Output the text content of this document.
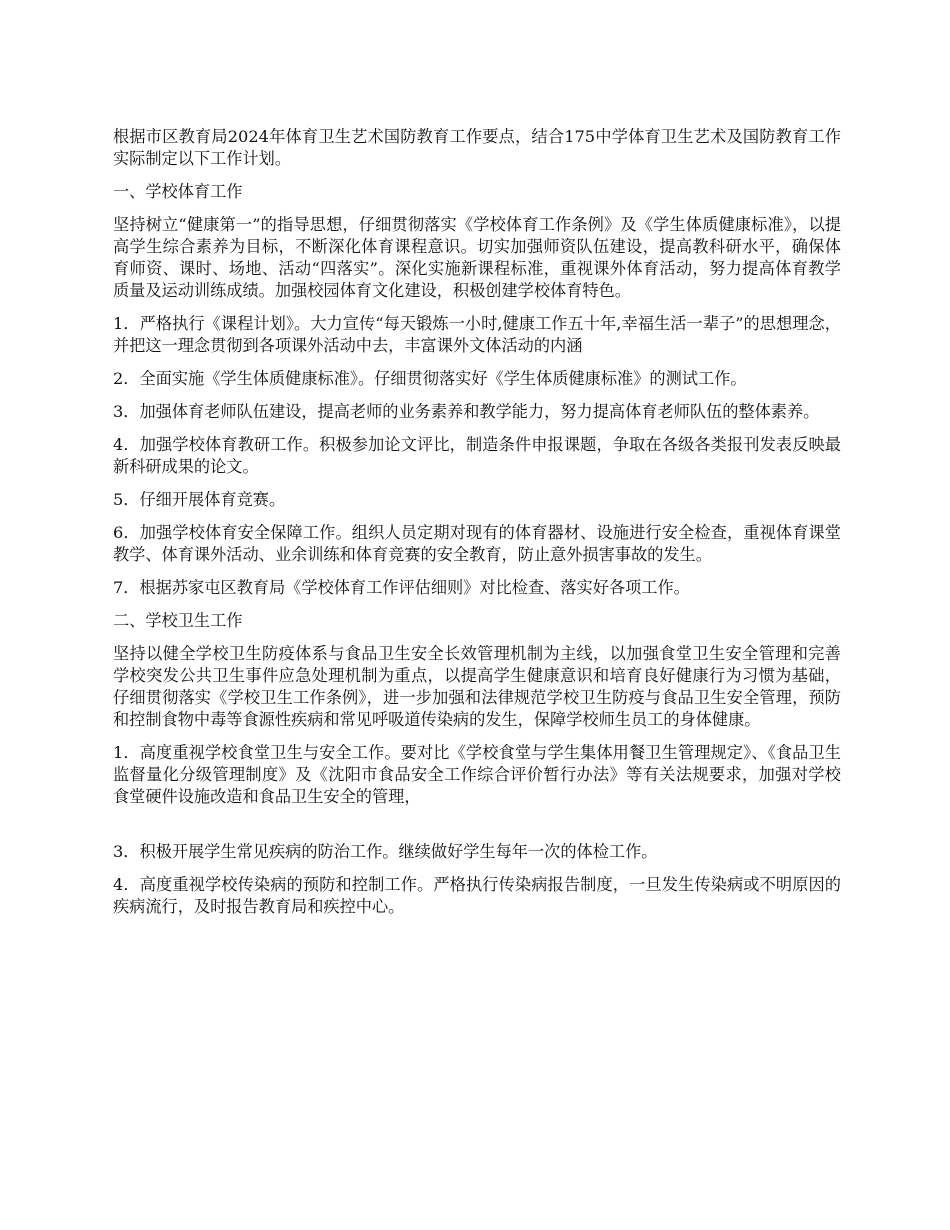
根据市区教育局2024年体育卫生艺术国防教育工作要点，结合175中学体育卫生艺术及国防教育工作实际制定以下工作计划。

一、学校体育工作

坚持树立“健康第一”的指导思想，仔细贯彻落实《学校体育工作条例》及《学生体质健康标准》，以提高学生综合素养为目标，不断深化体育课程意识。切实加强师资队伍建设，提高教科研水平，确保体育师资、课时、场地、活动“四落实”。深化实施新课程标准，重视课外体育活动，努力提高体育教学质量及运动训练成绩。加强校园体育文化建设，积极创建学校体育特色。

1．严格执行《课程计划》。大力宣传“每天锻炼一小时,健康工作五十年,幸福生活一辈子”的思想理念，并把这一理念贯彻到各项课外活动中去，丰富课外文体活动的内涵

2．全面实施《学生体质健康标准》。仔细贯彻落实好《学生体质健康标准》的测试工作。

3．加强体育老师队伍建设，提高老师的业务素养和教学能力，努力提高体育老师队伍的整体素养。

4．加强学校体育教研工作。积极参加论文评比，制造条件申报课题，争取在各级各类报刊发表反映最新科研成果的论文。

5．仔细开展体育竞赛。

6．加强学校体育安全保障工作。组织人员定期对现有的体育器材、设施进行安全检查，重视体育课堂教学、体育课外活动、业余训练和体育竞赛的安全教育，防止意外损害事故的发生。

7．根据苏家屯区教育局《学校体育工作评估细则》对比检查、落实好各项工作。

二、学校卫生工作

坚持以健全学校卫生防疫体系与食品卫生安全长效管理机制为主线，以加强食堂卫生安全管理和完善学校突发公共卫生事件应急处理机制为重点，以提高学生健康意识和培育良好健康行为习惯为基础，仔细贯彻落实《学校卫生工作条例》，进一步加强和法律规范学校卫生防疫与食品卫生安全管理，预防和控制食物中毒等食源性疾病和常见呼吸道传染病的发生，保障学校师生员工的身体健康。

1．高度重视学校食堂卫生与安全工作。要对比《学校食堂与学生集体用餐卫生管理规定》、《食品卫生监督量化分级管理制度》及《沈阳市食品安全工作综合评价暂行办法》等有关法规要求，加强对学校食堂硬件设施改造和食品卫生安全的管理，

3．积极开展学生常见疾病的防治工作。继续做好学生每年一次的体检工作。

4．高度重视学校传染病的预防和控制工作。严格执行传染病报告制度，一旦发生传染病或不明原因的疾病流行，及时报告教育局和疾控中心。
